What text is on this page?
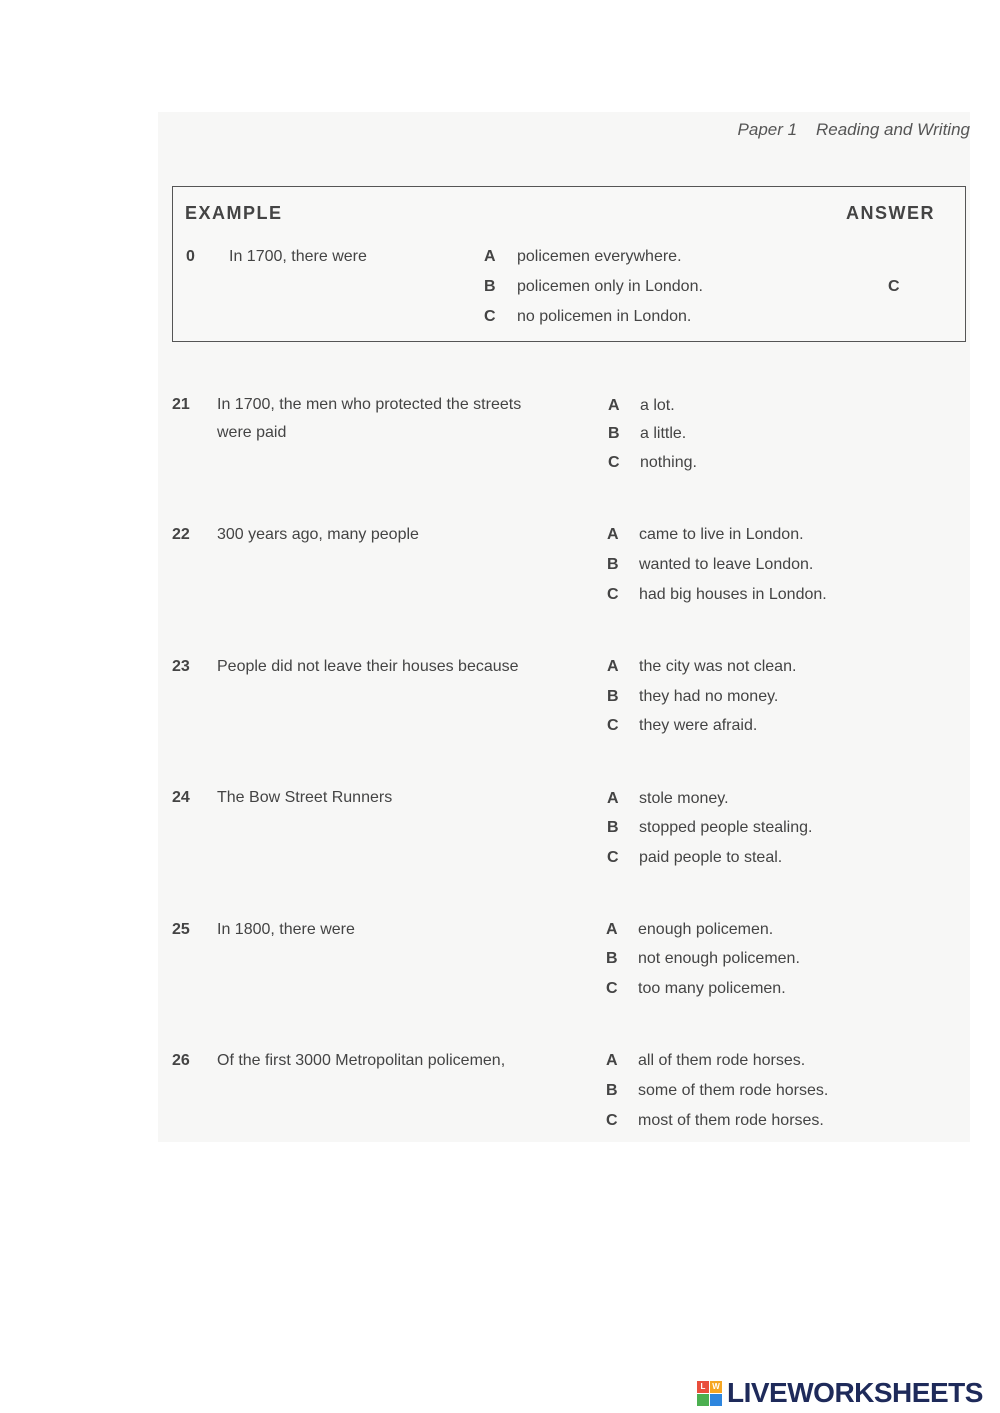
Paper 1    Reading and Writing
EXAMPLE	ANSWER
0 In 1700, there were	A policemen everywhere.
B policemen only in London.
C no policemen in London.
C
21 In 1700, the men who protected the streets were paid
A a lot.
B a little.
C nothing.
22 300 years ago, many people	A came to live in London.
B wanted to leave London.
C had big houses in London.
23 People did not leave their houses because	A the city was not clean.
B they had no money.
C they were afraid.
24 The Bow Street Runners	A stole money.
B stopped people stealing.
C paid people to steal.
25 In 1800, there were	A enough policemen.
B not enough policemen.
C too many policemen.
26 Of the first 3000 Metropolitan policemen,	A all of them rode horses.
B some of them rode horses.
C most of them rode horses.
L W LIVEWORKSHEETS
